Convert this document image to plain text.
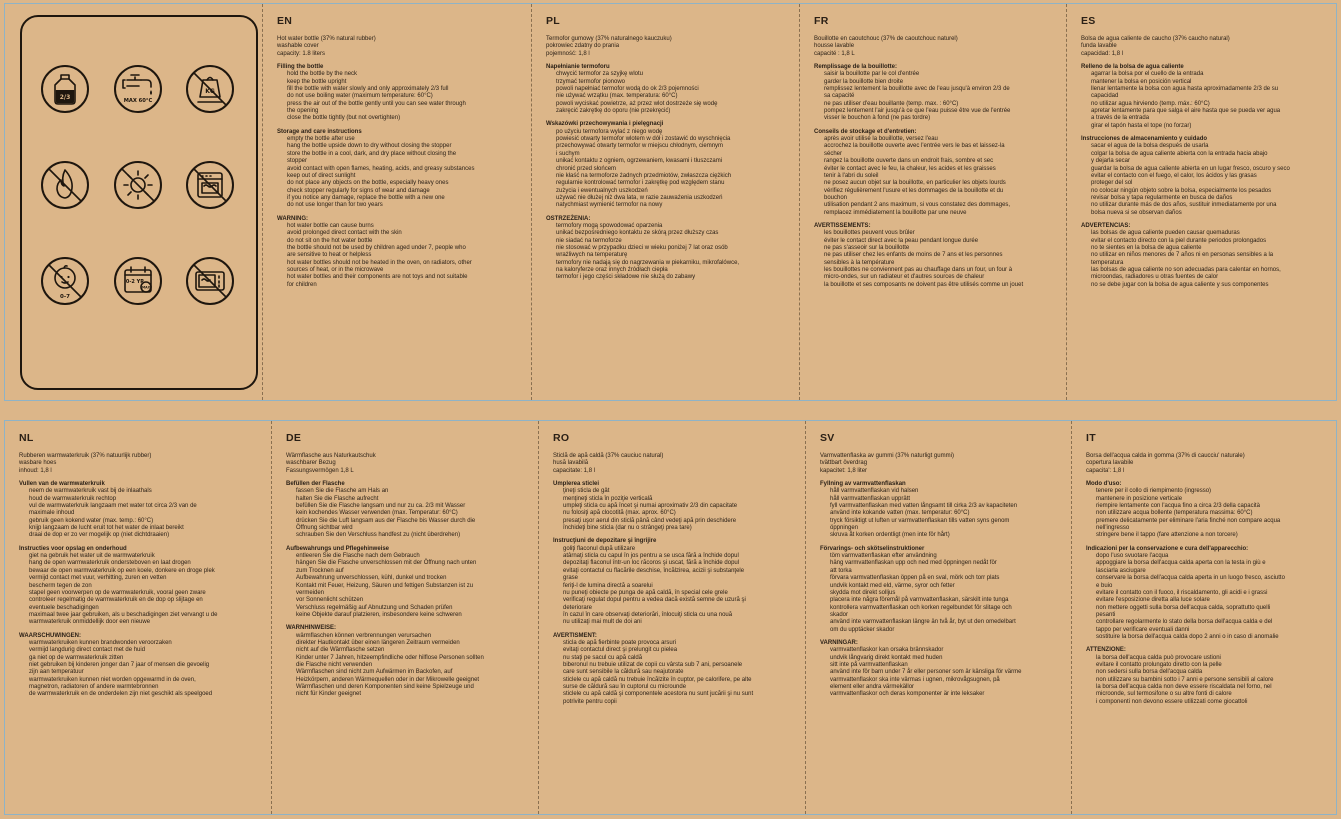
2/3	MAX 60°C
KG
0-7
0-2 YR
MAX
EN
Hot water bottle (37% natural rubber)
washable cover
capacity: 1.8 liters
Filling the bottle
hold the bottle by the neck
keep the bottle upright
fill the bottle with water slowly and only approximately 2/3 full
do not use boiling water (maximum temperature: 60°C)
press the air out of the bottle gently until you can see water through
the opening
close the bottle tightly (but not overtighten)
Storage and care instructions
empty the bottle after use
hang the bottle upside down to dry without closing the stopper
store the bottle in a cool, dark, and dry place without closing the
stopper
avoid contact with open flames, heating, acids, and greasy substances
keep out of direct sunlight
do not place any objects on the bottle, especially heavy ones
check stopper regularly for signs of wear and damage
if you notice any damage, replace the bottle with a new one
do not use longer than for two years
WARNING:
hot water bottle can cause burns
avoid prolonged direct contact with the skin
do not sit on the hot water bottle
the bottle should not be used by children aged under 7, people who
are sensitive to heat or helpless
hot water bottles should not be heated in the oven, on radiators, other
sources of heat, or in the microwave
hot water bottles and their components are not toys and not suitable
for children
PL
Termofor gumowy (37% naturalnego kauczuku)
pokrowiec zdatny do prania
pojemność: 1,8 l
Napełnianie termoforu
chwycić termofor za szyjkę wlotu
trzymać termofor pionowo
powoli napełniać termofor wodą do ok 2/3 pojemności
nie używać wrzątku (max. temperatura: 60°C)
powoli wyciskać powietrze, aż przez wlot dostrzeże się wodę
zakręcić zakrętkę do oporu (nie przekręcić)
Wskazówki przechowywania i pielęgnacji
po użyciu termofora wylać z niego wodę
powiesić otwarty termofor wlotem w dół i zostawić do wyschnięcia
przechowywać otwarty termofor w miejscu chłodnym, ciemnym
i suchym
unikać kontaktu z ogniem, ogrzewaniem, kwasami i tłuszczami
chronić przed słońcem
nie kłaść na termoforze żadnych przedmiotów, zwłaszcza ciężkich
regularnie kontrolować termofor i zakrętkę pod względem stanu
zużycia i ewentualnych uszkodzeń
używać nie dłużej niż dwa lata, w razie zauważenia uszkodzeń
natychmiast wymienić termofor na nowy
OSTRZEŻENIA:
termofory mogą spowodować oparzenia
unikać bezpośredniego kontaktu ze skórą przez dłuższy czas
nie siadać na termoforze
nie stosować w przypadku dzieci w wieku poniżej 7 lat oraz osób
wrażliwych na temperaturę
termofory nie nadają się do nagrzewania w piekarniku, mikrofalówce,
na kaloryferze oraz innych źródłach ciepła
termofor i jego części składowe nie służą do zabawy
FR
Bouillotte en caoutchouc (37% de caoutchouc naturel)
housse lavable
capacité : 1,8 L
Remplissage de la bouillotte:
saisir la bouillotte par le col d'entrée
garder la bouillotte bien droite
remplissez lentement la bouillotte avec de l'eau jusqu'à environ 2/3 de
sa capacité
ne pas utiliser d'eau bouillante (temp. max. : 60°C)
pompez lentement l'air jusqu'à ce que l'eau puisse être vue de l'entrée
visser le bouchon à fond (ne pas tordre)
Conseils de stockage et d'entretien:
après avoir utilisé la bouillotte, versez l'eau
accrochez la bouillotte ouverte avec l'entrée vers le bas et laissez-la
sécher
rangez la bouillotte ouverte dans un endroit frais, sombre et sec
éviter le contact avec le feu, la chaleur, les acides et les graisses
tenir à l'abri du soleil
ne posez aucun objet sur la bouillotte, en particulier les objets lourds
vérifiez régulièrement l'usure et les dommages de la bouillotte et du
bouchon
utilisation pendant 2 ans maximum, si vous constatez des dommages,
remplacez immédiatement la bouillotte par une neuve
AVERTISSEMENTS:
les bouillottes peuvent vous brûler
éviter le contact direct avec la peau pendant longue durée
ne pas s'asseoir sur la bouillotte
ne pas utiliser chez les enfants de moins de 7 ans et les personnes
sensibles à la température
les bouillottes ne conviennent pas au chauffage dans un four, un four à
micro-ondes, sur un radiateur et d'autres sources de chaleur
la bouillotte et ses composants ne doivent pas être utilisés comme un jouet
ES
Bolsa de agua caliente de caucho (37% caucho natural)
funda lavable
capacidad: 1,8 l
Relleno de la bolsa de agua caliente
agarrar la bolsa por el cuello de la entrada
mantener la bolsa en posición vertical
llenar lentamente la bolsa con agua hasta aproximadamente 2/3 de su
capacidad
no utilizar agua hirviendo (temp. máx.: 60°C)
apretar lentamente para que salga el aire hasta que se pueda ver agua
a través de la entrada
girar el tapón hasta el tope (no forzar)
Instrucciones de almacenamiento y cuidado
sacar el agua de la bolsa después de usarla
colgar la bolsa de agua caliente abierta con la entrada hacia abajo
y dejarla secar
guardar la bolsa de agua caliente abierta en un lugar fresco, oscuro y seco
evitar el contacto con el fuego, el calor, los ácidos y las grasas
proteger del sol
no colocar ningún objeto sobre la bolsa, especialmente los pesados
revisar bolsa y tapa regularmente en busca de daños
no utilizar durante más de dos años, sustituir inmediatamente por una
bolsa nueva si se observan daños
ADVERTENCIAS:
las bolsas de agua caliente pueden causar quemaduras
evitar el contacto directo con la piel durante periodos prolongados
no te sientes en la bolsa de agua caliente
no utilizar en niños menores de 7 años ni en personas sensibles a la
temperatura
las bolsas de agua caliente no son adecuadas para calentar en hornos,
microondas, radiadores u otras fuentes de calor
no se debe jugar con la bolsa de agua caliente y sus componentes
NL
Rubberen warmwaterkruik (37% natuurlijk rubber)
wasbare hoes
inhoud: 1,8 l
Vullen van de warmwaterkruik
neem de warmwaterkruik vast bij de inlaathals
houd de warmwaterkruik rechtop
vul de warmwaterkruik langzaam met water tot circa 2/3 van de
maximale inhoud
gebruik geen kokend water (max. temp.: 60°C)
knijp langzaam de lucht eruit tot het water de inlaat bereikt
draai de dop er zo ver mogelijk op (niet dichtdraaien)
Instructies voor opslag en onderhoud
giet na gebruik het water uit de warmwaterkruik
hang de open warmwaterkruik ondersteboven en laat drogen
bewaar de open warmwaterkruik op een koele, donkere en droge plek
vermijd contact met vuur, verhitting, zuren en vetten
bescherm tegen de zon
stapel geen voorwerpen op de warmwaterkruik, vooral geen zware
controleer regelmatig de warmwaterkruik en de dop op slijtage en
eventuele beschadigingen
maximaal twee jaar gebruiken, als u beschadigingen ziet vervangt u de
warmwaterkruik onmiddellijk door een nieuwe
WAARSCHUWINGEN:
warmwaterkruiken kunnen brandwonden veroorzaken
vermijd langdurig direct contact met de huid
ga niet op de warmwaterkruik zitten
niet gebruiken bij kinderen jonger dan 7 jaar of mensen die gevoelig
zijn aan temperatuur
warmwaterkruiken kunnen niet worden opgewarmd in de oven,
magnetron, radiatoren of andere warmtebronnen
de warmwaterkruik en de onderdelen zijn niet geschikt als speelgoed
DE
Wärmflasche aus Naturkautschuk
waschbarer Bezug
Fassungsvermögen 1,8 L
Befüllen der Flasche
fassen Sie die Flasche am Hals an
halten Sie die Flasche aufrecht
befüllen Sie die Flasche langsam und nur zu ca. 2/3 mit Wasser
kein kochendes Wasser verwenden (max. Temperatur: 60°C)
drücken Sie die Luft langsam aus der Flasche bis Wasser durch die
Öffnung sichtbar wird
schrauben Sie den Verschluss handfest zu (nicht überdrehen)
Aufbewahrungs und Pflegehinweise
entleeren Sie die Flasche nach dem Gebrauch
hängen Sie die Flasche unverschlossen mit der Öffnung nach unten
zum Trocknen auf
Aufbewahrung unverschlossen, kühl, dunkel und trocken
Kontakt mit Feuer, Heizung, Säuren und fettigen Substanzen ist zu
vermeiden
vor Sonnenlicht schützen
Verschluss regelmäßig auf Abnutzung und Schaden prüfen
keine Objekte darauf platzieren, insbesondere keine schweren
WARNHINWEISE:
wärmflaschen können verbrennungen verursachen
direkter Hautkontakt über einen längeren Zeitraum vermeiden
nicht auf die Wärmflasche setzen
Kinder unter 7 Jahren, hitzeempfindliche oder hilflose Personen sollten
die Flasche nicht verwenden
Wärmflaschen sind nicht zum Aufwärmen im Backofen, auf
Heizkörpern, anderen Wärmequellen oder in der Mikrowelle geeignet
Wärmflaschen und deren Komponenten sind keine Spielzeuge und
nicht für Kinder geeignet
RO
Sticlă de apă caldă (37% cauciuc natural)
husă lavabilă
capacitate: 1,8 l
Umplerea sticlei
ţineţi sticla de gât
menţineţi sticla în poziţie verticală
umpleţi sticla cu apă încet şi numai aproximativ 2/3 din capacitate
nu folosiţi apă clocotită (max. aprox. 60°C)
presaţi uşor aerul din sticlă până când vedeţi apă prin deschidere
închideţi bine sticla (dar nu o strângeţi prea tare)
Instrucţiuni de depozitare şi îngrijire
goliţi flaconul după utilizare
atârnaţi sticla cu capul în jos pentru a se usca fără a închide dopul
depozitaţi flaconul într-un loc răcoros şi uscat, fără a închide dopul
evitaţi contactul cu flacările deschise, încălzirea, acizii şi substanţele
grase
feriţi-l de lumina directă a soarelui
nu puneţi obiecte pe punga de apă caldă, în special cele grele
verificaţi regulat dopul pentru a vedea dacă există semne de uzură şi
deteriorare
în cazul în care observaţi deteriorări, înlocuiţi sticla cu una nouă
nu utilizaţi mai mult de doi ani
AVERTISMENT:
sticla de apă fierbinte poate provoca arsuri
evitaţi contactul direct şi prelungit cu pielea
nu staţi pe sacul cu apă caldă
biberonul nu trebuie utilizat de copii cu vârsta sub 7 ani, persoanele
care sunt sensibile la căldură sau neajutorate
sticlele cu apă caldă nu trebuie încălzite în cuptor, pe calorifere, pe alte
surse de căldură sau în cuptorul cu microunde
sticlele cu apă caldă şi componentele acestora nu sunt jucării şi nu sunt
potrivite pentru copii
SV
Varmvattenflaska av gummi (37% naturligt gummi)
tvättbart överdrag
kapacitet: 1,8 liter
Fyllning av varmvattenflaskan
håll varmvattenflaskan vid halsen
håll varmvattenflaskan upprätt
fyll varmvattenflaskan med vatten långsamt till cirka 2/3 av kapaciteten
använd inte kokande vatten (max. temperatur: 60°C)
tryck försiktigt ut luften ur varmvattenflaskan tills vatten syns genom
öppningen
skruva åt korken ordentligt (men inte för hårt)
Förvarings- och skötselinstruktioner
töm varmvattenflaskan efter användning
häng varmvattenflaskan upp och ned med öppningen nedåt för
att torka
förvara varmvattenflaskan öppen på en sval, mörk och torr plats
undvik kontakt med eld, värme, syror och fetter
skydda mot direkt solljus
placera inte några föremål på varmvattenflaskan, särskilt inte tunga
kontrollera varmvattenflaskan och korken regelbundet för slitage och
skador
använd inte varmvattenflaskan längre än två år, byt ut den omedelbart
om du upptäcker skador
VARNINGAR:
varmvattenflaskor kan orsaka brännskador
undvik långvarig direkt kontakt med huden
sitt inte på varmvattenflaskan
använd inte för barn under 7 år eller personer som är känsliga för värme
varmvattenflaskor ska inte värmas i ugnen, mikrovågsugnen, på
element eller andra värmekällor
varmvattenflaskor och deras komponenter är inte leksaker
IT
Borsa dell'acqua calda in gomma (37% di caucciu' naturale)
copertura lavabile
capacita': 1,8 l
Modo d'uso:
tenere per il collo di riempimento (ingresso)
mantenere in posizione verticale
riempire lentamente con l'acqua fino a circa 2/3 della capacità
non utilizzare acqua bollente (temperatura massima: 60°C)
premere delicatamente per eliminare l'aria finché non compare acqua
nell'ingresso
stringere bene il tappo (fare attenzione a non torcere)
Indicazioni per la conservazione e cura dell'apparecchio:
dopo l'uso svuotare l'acqua
appoggiare la borsa dell'acqua calda aperta con la testa in giù e
lasciarla asciugare
conservare la borsa dell'acqua calda aperta in un luogo fresco, asciutto
e buio
evitare il contatto con il fuoco, il riscaldamento, gli acidi e i grassi
evitare l'esposizione diretta alla luce solare
non mettere oggetti sulla borsa dell'acqua calda, soprattutto quelli
pesanti
controllare regolarmente lo stato della borsa dell'acqua calda e del
tappo per verificare eventuali danni
sostituire la borsa dell'acqua calda dopo 2 anni o in caso di anomalie
ATTENZIONE:
la borsa dell'acqua calda può provocare ustioni
evitare il contatto prolungato diretto con la pelle
non sedersi sulla borsa dell'acqua calda
non utilizzare su bambini sotto i 7 anni e persone sensibili al calore
la borsa dell'acqua calda non deve essere riscaldata nel forno, nel
microonde, sul termosifone o su altre fonti di calore
i componenti non devono essere utilizzati come giocattoli
